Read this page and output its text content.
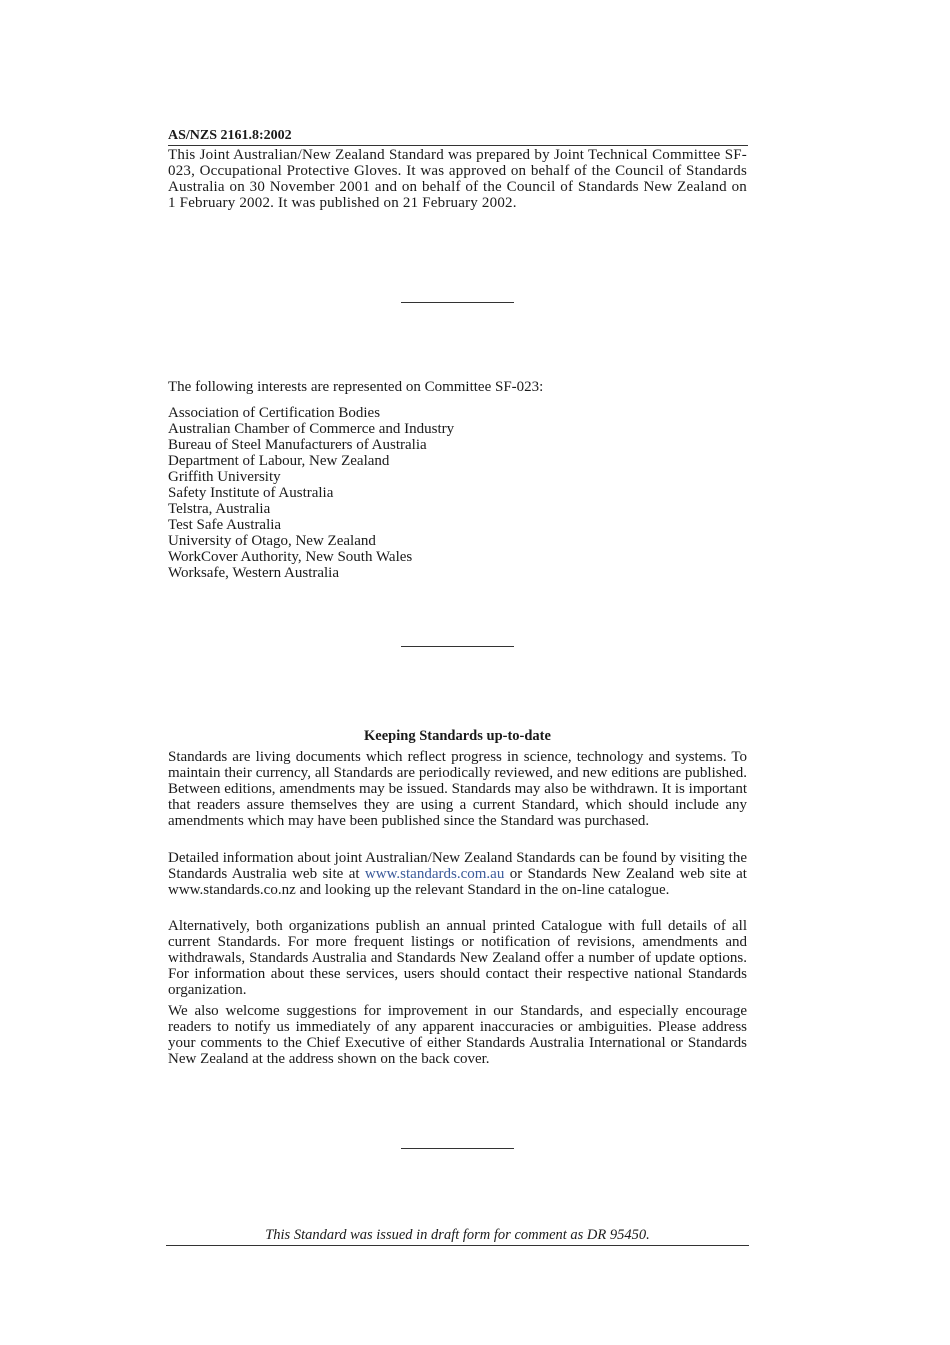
AS/NZS 2161.8:2002
This Joint Australian/New Zealand Standard was prepared by Joint Technical Committee SF-023, Occupational Protective Gloves. It was approved on behalf of the Council of Standards Australia on 30 November 2001 and on behalf of the Council of Standards New Zealand on 1 February 2002. It was published on 21 February 2002.
The following interests are represented on Committee SF-023:
Association of Certification Bodies
Australian Chamber of Commerce and Industry
Bureau of Steel Manufacturers of Australia
Department of Labour, New Zealand
Griffith University
Safety Institute of Australia
Telstra, Australia
Test Safe Australia
University of Otago, New Zealand
WorkCover Authority, New South Wales
Worksafe, Western Australia
Keeping Standards up-to-date

Standards are living documents which reflect progress in science, technology and systems. To maintain their currency, all Standards are periodically reviewed, and new editions are published. Between editions, amendments may be issued. Standards may also be withdrawn. It is important that readers assure themselves they are using a current Standard, which should include any amendments which may have been published since the Standard was purchased.

Detailed information about joint Australian/New Zealand Standards can be found by visiting the Standards Australia web site at www.standards.com.au or Standards New Zealand web site at www.standards.co.nz and looking up the relevant Standard in the on-line catalogue.

Alternatively, both organizations publish an annual printed Catalogue with full details of all current Standards. For more frequent listings or notification of revisions, amendments and withdrawals, Standards Australia and Standards New Zealand offer a number of update options. For information about these services, users should contact their respective national Standards organization.

We also welcome suggestions for improvement in our Standards, and especially encourage readers to notify us immediately of any apparent inaccuracies or ambiguities. Please address your comments to the Chief Executive of either Standards Australia International or Standards New Zealand at the address shown on the back cover.

This Standard was issued in draft form for comment as DR 95450.
